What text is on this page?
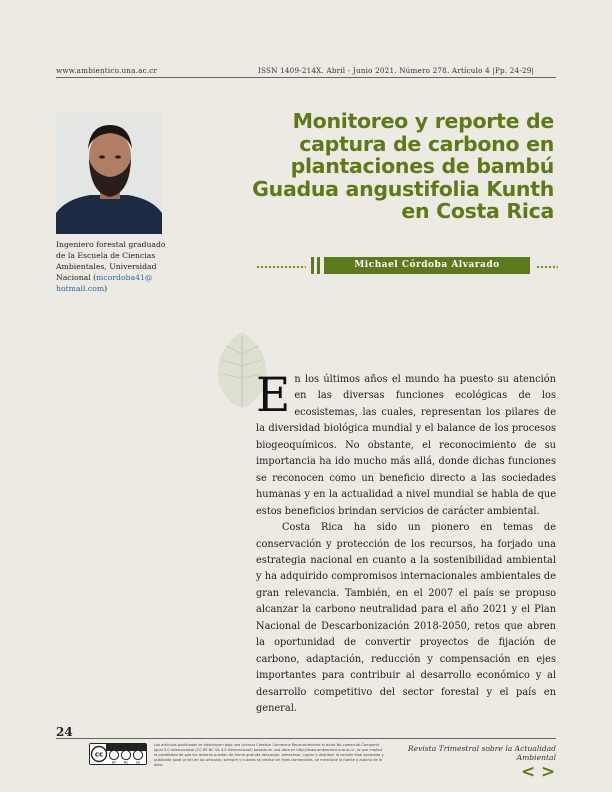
www.ambientico.una.ac.cr	ISSN 1409-214X. Abril - Junio 2021. Número 278. Artículo 4 |Pp. 24-29|
Ingeniero forestal graduado de la Escuela de Ciencias Ambientales, Universidad Nacional (mcordoba41@ hotmail.com)
Monitoreo y reporte de captura de carbono en plantaciones de bambú Guadua angustifolia Kunth en Costa Rica
Michael Córdoba Alvarado

En los últimos años el mundo ha puesto su atención en las diversas funciones ecológicas de los ecosistemas, las cuales, representan los pilares de la diversidad biológica mundial y el balance de los procesos biogeoquímicos. No obstante, el reconocimiento de su importancia ha ido mucho más allá, donde dichas funciones se reconocen como un beneficio directo a las sociedades humanas y en la actualidad a nivel mundial se habla de que estos beneficios brindan servicios de carácter ambiental.

Costa Rica ha sido un pionero en temas de conservación y protección de los recursos, ha forjado una estrategia nacional en cuanto a la sostenibilidad ambiental y ha adquirido compromisos internacionales ambientales de gran relevancia. También, en el 2007 el país se propuso alcanzar la carbono neutralidad para el año 2021 y el Plan Nacional de Descarbonización 2018-2050, retos que abren la oportunidad de convertir proyectos de fijación de carbono, adaptación, reducción y compensación en ejes importantes para contribuir al desarrollo económico y al desarrollo competitivo del sector forestal y el país en general.

24
cc
BY NC SA
Los artículos publicados se distribuyen bajo una licencia Creative Commons Reconocimiento al autor-No comercial-Compartir igual 4.0 Internacional (CC BY NC SA 4.0 Internacional) basada en una obra en http://www.ambientico.una.ac.cr, lo que implica la posibilidad de que los lectores puedan de forma gratuita descargar, almacenar, copiar y distribuir la versión final aprobada y publicada (post print) de los artículos, siempre y cuando se realice sin fines comerciales, se mencione la fuente y autoría de la obra.
Revista Trimestral sobre la Actualidad Ambiental
< >
